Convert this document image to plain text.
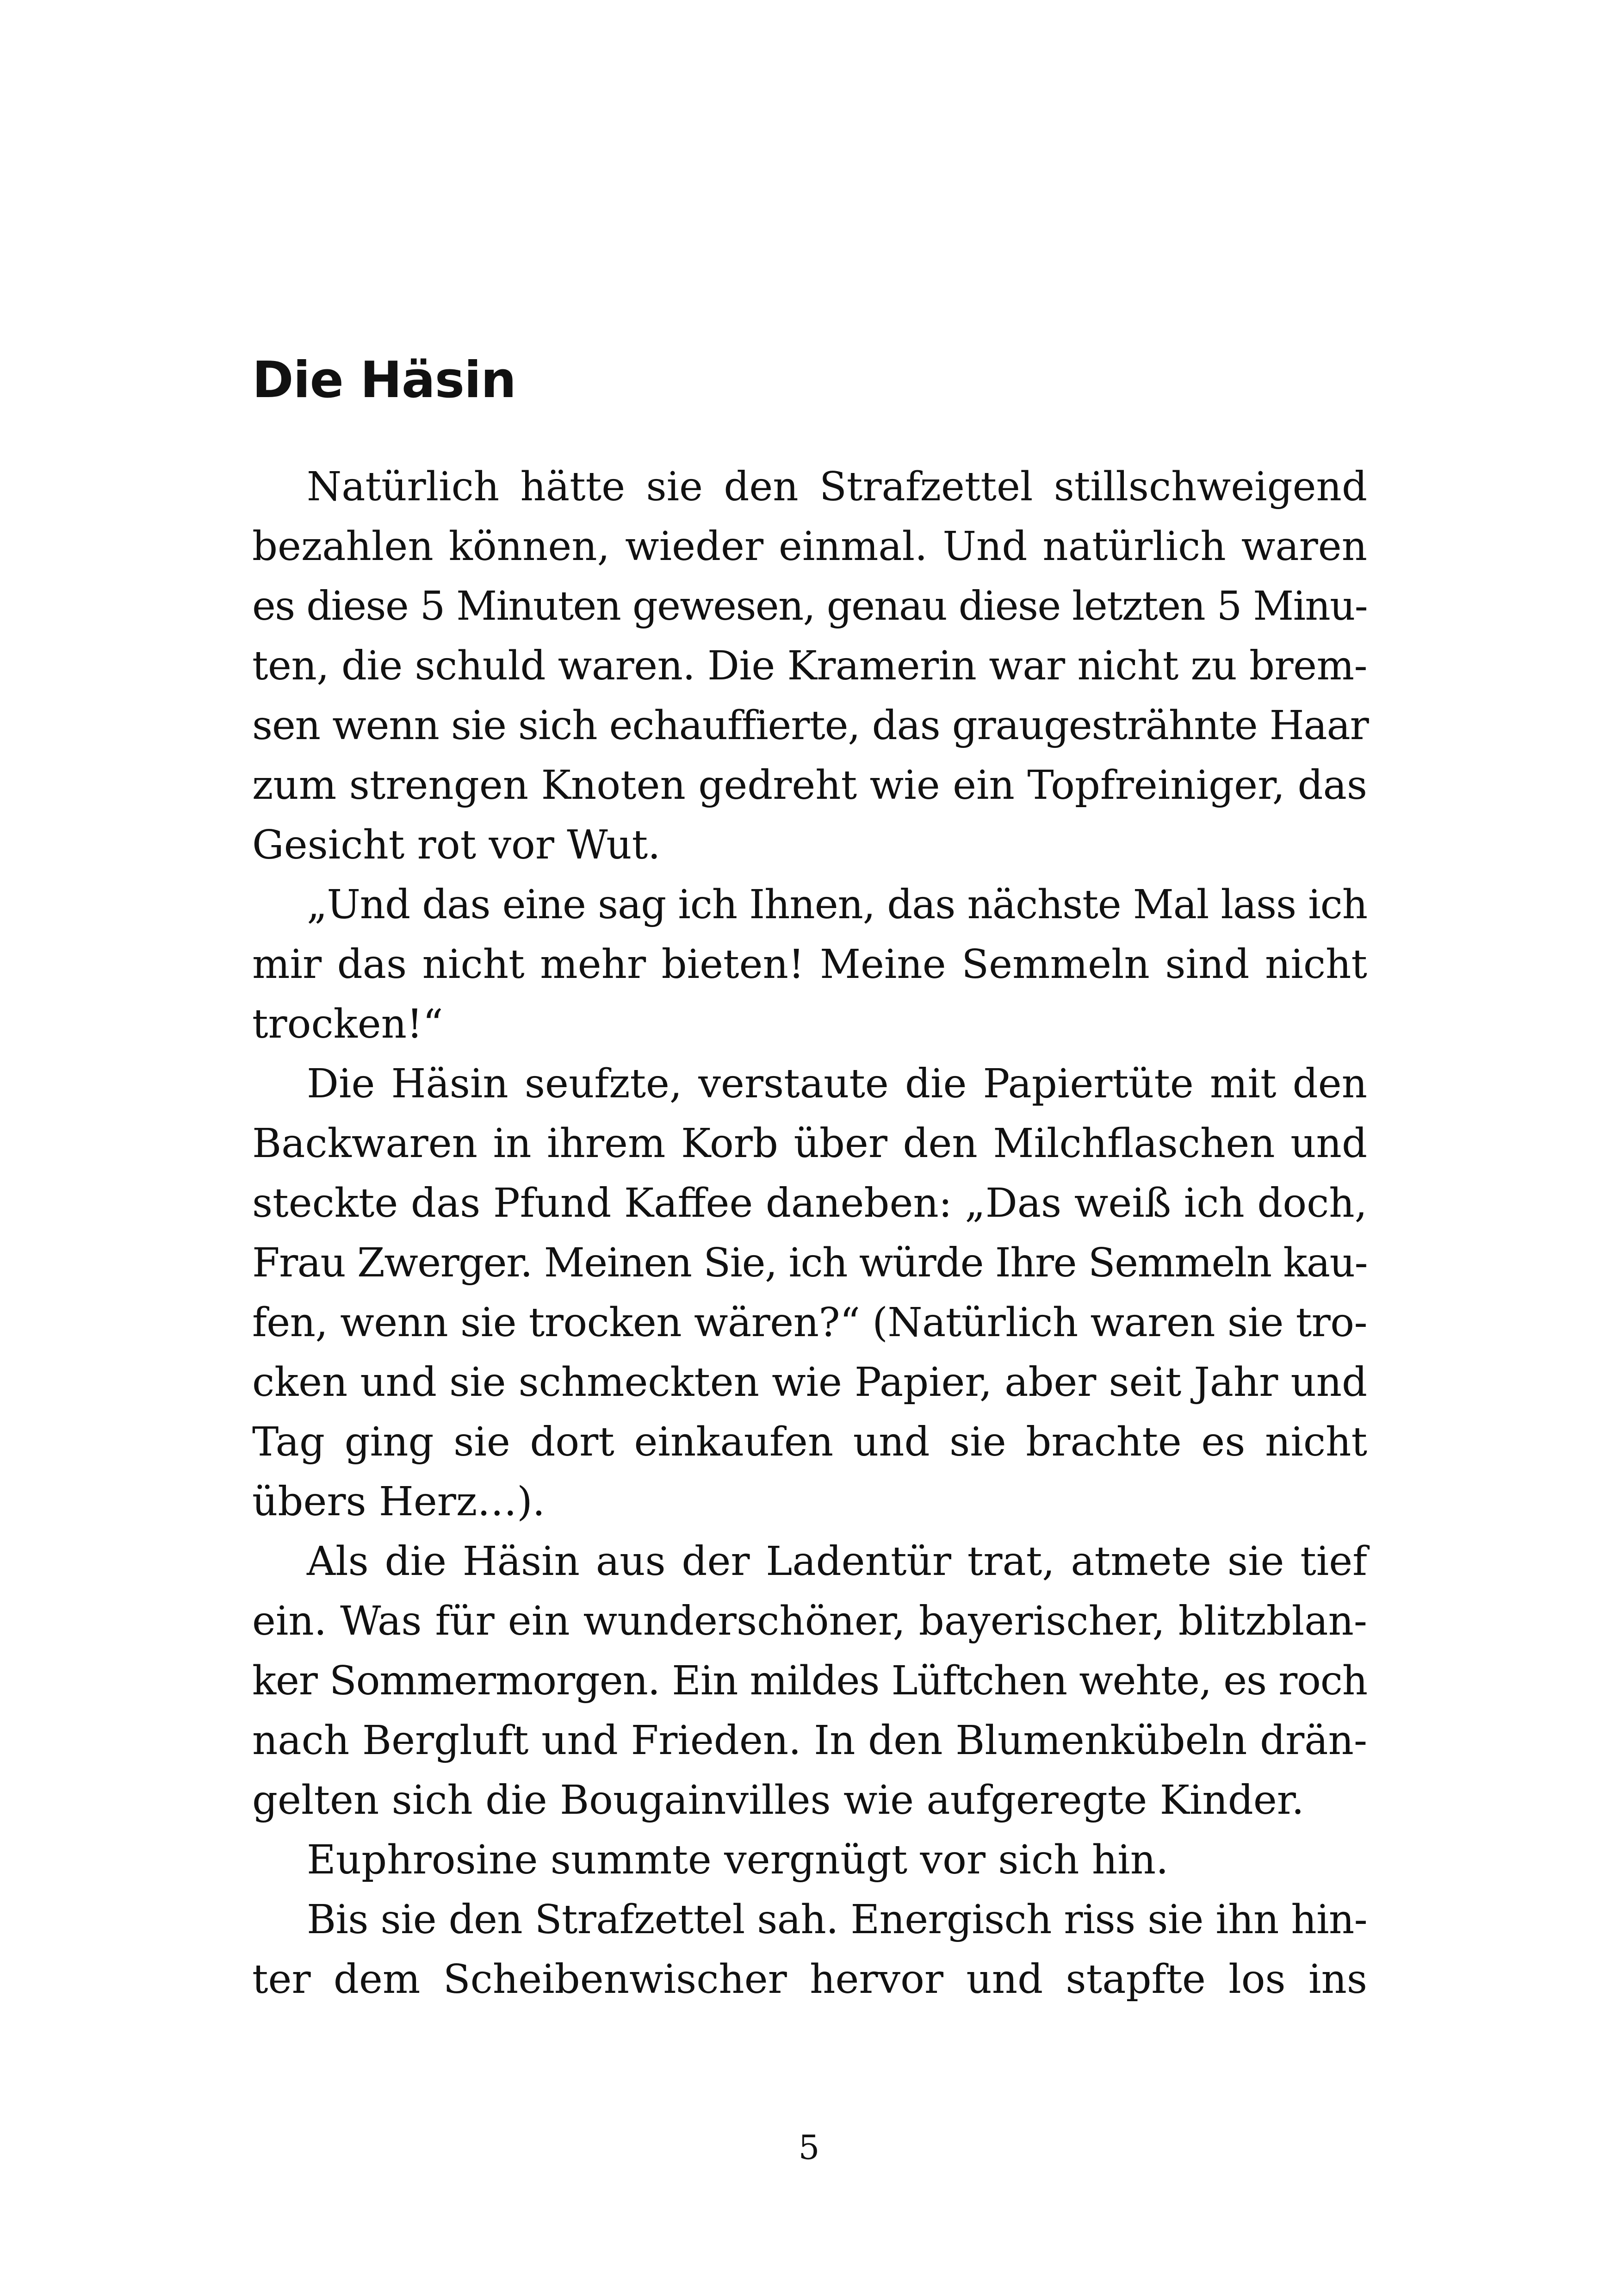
Die Häsin

Natürlich hätte sie den Strafzettel stillschweigend
bezahlen können, wieder einmal. Und natürlich waren
es diese 5 Minuten gewesen, genau diese letzten 5 Minu-
ten, die schuld waren. Die Kramerin war nicht zu brem-
sen wenn sie sich echauffierte, das graugesträhnte Haar
zum strengen Knoten gedreht wie ein Topfreiniger, das
Gesicht rot vor Wut.

„Und das eine sag ich Ihnen, das nächste Mal lass ich
mir das nicht mehr bieten! Meine Semmeln sind nicht
trocken!“

Die Häsin seufzte, verstaute die Papiertüte mit den
Backwaren in ihrem Korb über den Milchflaschen und
steckte das Pfund Kaffee daneben: „Das weiß ich doch,
Frau Zwerger. Meinen Sie, ich würde Ihre Semmeln kau-
fen, wenn sie trocken wären?“ (Natürlich waren sie tro-
cken und sie schmeckten wie Papier, aber seit Jahr und
Tag ging sie dort einkaufen und sie brachte es nicht
übers Herz…).

Als die Häsin aus der Ladentür trat, atmete sie tief
ein. Was für ein wunderschöner, bayerischer, blitzblan-
ker Sommermorgen. Ein mildes Lüftchen wehte, es roch
nach Bergluft und Frieden. In den Blumenkübeln drän-
gelten sich die Bougainvilles wie aufgeregte Kinder.

Euphrosine summte vergnügt vor sich hin.

Bis sie den Strafzettel sah. Energisch riss sie ihn hin-
ter dem Scheibenwischer hervor und stapfte los ins

5
